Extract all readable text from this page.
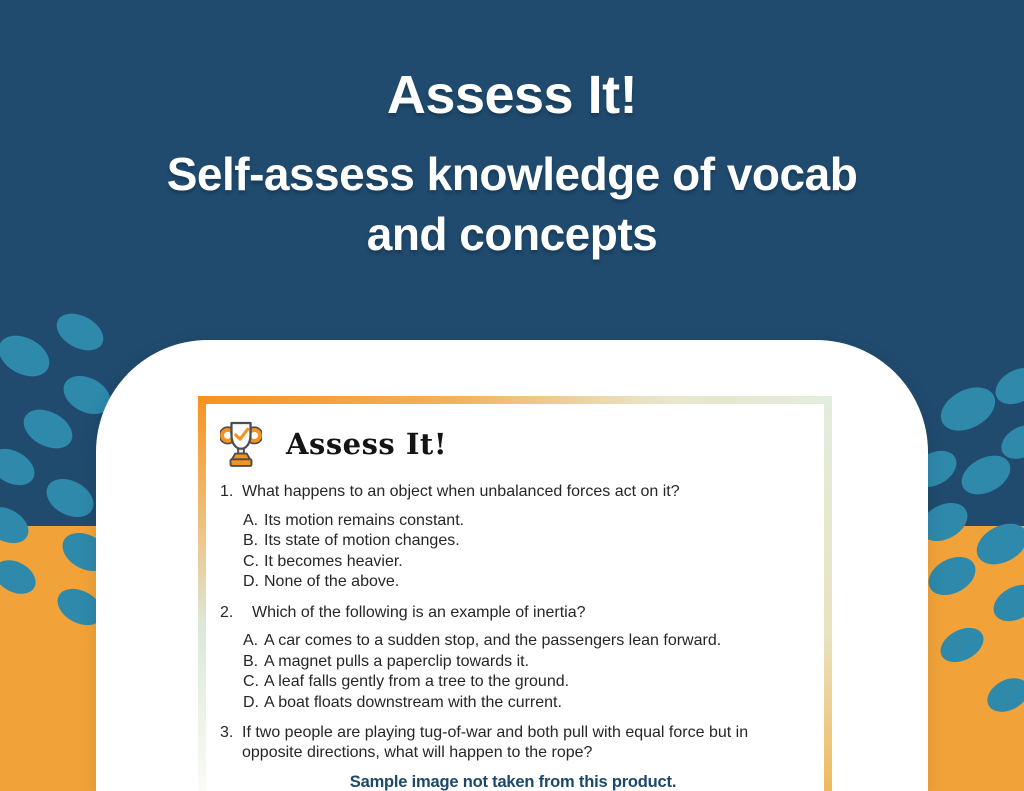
Assess It!
Self-assess knowledge of vocab
and concepts
Assess It!
1. What happens to an object when unbalanced forces act on it?
A. Its motion remains constant.
B. Its state of motion changes.
C. It becomes heavier.
D. None of the above.
2.	Which of the following is an example of inertia?
A. A car comes to a sudden stop, and the passengers lean forward.
B. A magnet pulls a paperclip towards it.
C. A leaf falls gently from a tree to the ground.
D. A boat floats downstream with the current.
3. If two people are playing tug-of-war and both pull with equal force but in opposite directions, what will happen to the rope?
Sample image not taken from this product.
